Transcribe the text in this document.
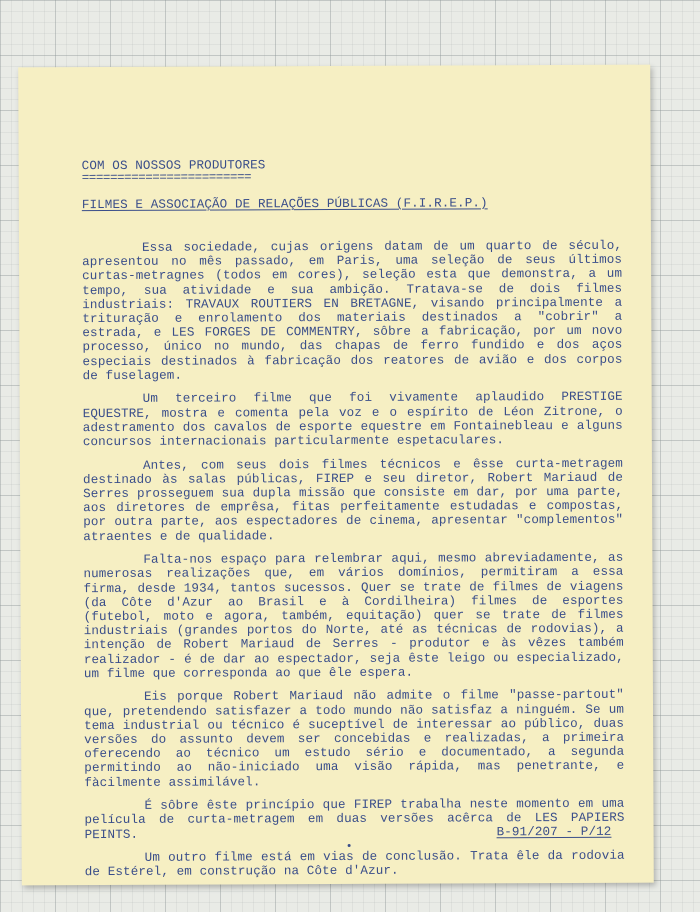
COM OS NOSSOS PRODUTORES
========================
FILMES E ASSOCIAÇÃO DE RELAÇÕES PÚBLICAS (F.I.R.E.P.)

Essa sociedade, cujas origens datam de um quarto de século, apresentou no mês passado, em Paris, uma seleção de seus últimos curtas-metragnes (todos em cores), seleção esta que demonstra, a um tempo, sua atividade e sua ambição. Tratava-se de dois filmes industriais: TRAVAUX ROUTIERS EN BRETAGNE, visando principalmente a trituração e enrolamento dos materiais destinados a "cobrir" a estrada, e LES FORGES DE COMMENTRY, sôbre a fabricação, por um novo processo, único no mundo, das chapas de ferro fundido e dos aços especiais destinados à fabricação dos reatores de avião e dos corpos de fuselagem.

Um terceiro filme que foi vivamente aplaudido PRESTIGE EQUESTRE, mostra e comenta pela voz e o espírito de Léon Zitrone, o adestramento dos cavalos de esporte equestre em Fontainebleau e alguns concursos internacionais particularmente espetaculares.

Antes, com seus dois filmes técnicos e êsse curta-metragem destinado às salas públicas, FIREP e seu diretor, Robert Mariaud de Serres prosseguem sua dupla missão que consiste em dar, por uma parte, aos diretores de emprêsa, fitas perfeitamente estudadas e compostas, por outra parte, aos espectadores de cinema, apresentar "complementos" atraentes e de qualidade.

Falta-nos espaço para relembrar aqui, mesmo abreviadamente, as numerosas realizações que, em vários domínios, permitiram a essa firma, desde 1934, tantos sucessos. Quer se trate de filmes de viagens (da Côte d'Azur ao Brasil e à Cordilheira) filmes de esportes (futebol, moto e agora, também, equitação) quer se trate de filmes industriais (grandes portos do Norte, até as técnicas de rodovias), a intenção de Robert Mariaud de Serres - produtor e às vêzes também realizador - é de dar ao espectador, seja êste leigo ou especializado, um filme que corresponda ao que êle espera.

Eis porque Robert Mariaud não admite o filme "passe-partout" que, pretendendo satisfazer a todo mundo não satisfaz a ninguém. Se um tema industrial ou técnico é suceptível de interessar ao público, duas versões do assunto devem ser concebidas e realizadas, a primeira oferecendo ao técnico um estudo sério e documentado, a segunda permitindo ao não-iniciado uma visão rápida, mas penetrante, e fàcilmente assimilável.

É sôbre êste princípio que FIREP trabalha neste momento em uma película de curta-metragem em duas versões acêrca de LES PAPIERS PEINTS.

Um outro filme está em vias de conclusão. Trata êle da rodovia de Estérel, em construção na Côte d'Azur.

B-91/207 - P/12
